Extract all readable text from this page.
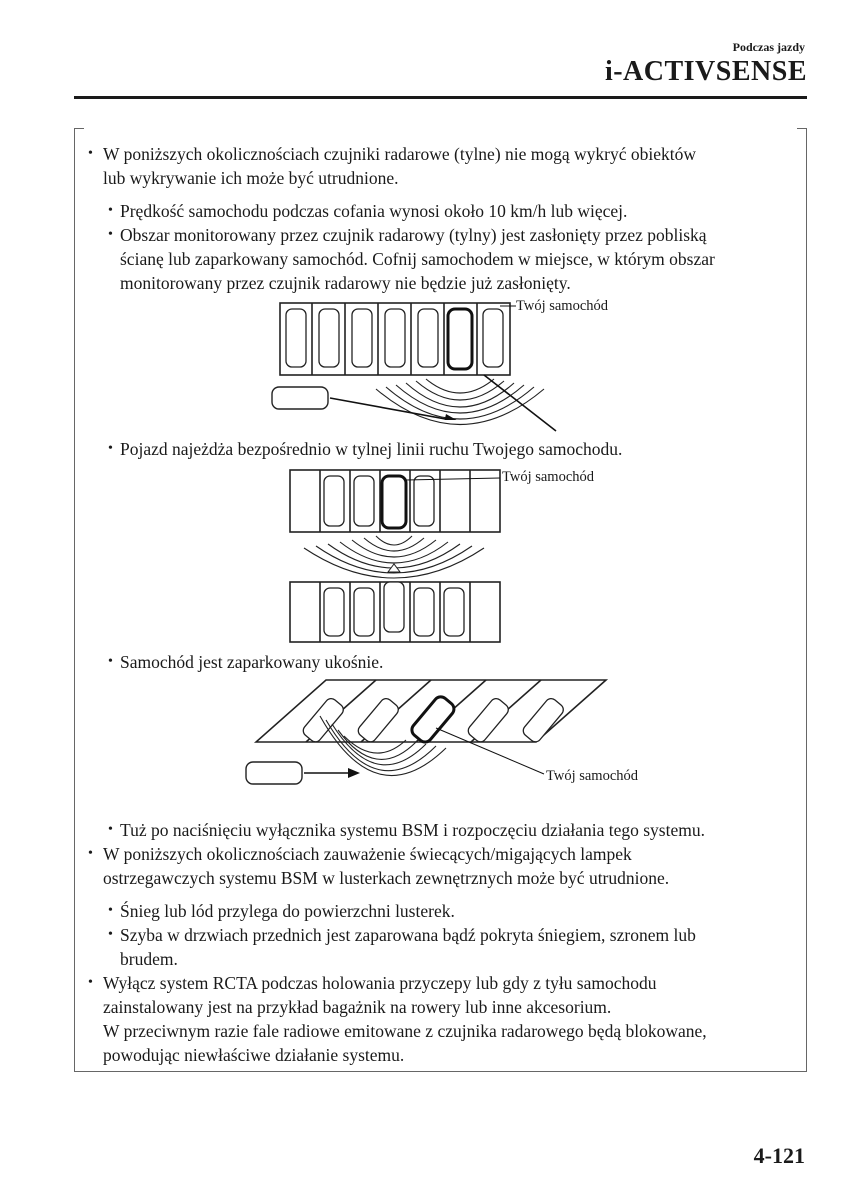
Podczas jazdy
i-ACTIVSENSE
• W poniższych okolicznościach czujniki radarowe (tylne) nie mogą wykryć obiektów
lub wykrywanie ich może być utrudnione.
• Prędkość samochodu podczas cofania wynosi około 10 km/h lub więcej.
• Obszar monitorowany przez czujnik radarowy (tylny) jest zasłonięty przez pobliską
ścianę lub zaparkowany samochód. Cofnij samochodem w miejsce, w którym obszar
monitorowany przez czujnik radarowy nie będzie już zasłonięty.
Twój samochód
• Pojazd najeżdża bezpośrednio w tylnej linii ruchu Twojego samochodu.
Twój samochód
• Samochód jest zaparkowany ukośnie.
Twój samochód
• Tuż po naciśnięciu wyłącznika systemu BSM i rozpoczęciu działania tego systemu.
• W poniższych okolicznościach zauważenie świecących/migających lampek
ostrzegawczych systemu BSM w lusterkach zewnętrznych może być utrudnione.
• Śnieg lub lód przylega do powierzchni lusterek.
• Szyba w drzwiach przednich jest zaparowana bądź pokryta śniegiem, szronem lub
brudem.
• Wyłącz system RCTA podczas holowania przyczepy lub gdy z tyłu samochodu
zainstalowany jest na przykład bagażnik na rowery lub inne akcesorium.
W przeciwnym razie fale radiowe emitowane z czujnika radarowego będą blokowane,
powodując niewłaściwe działanie systemu.
4-121
